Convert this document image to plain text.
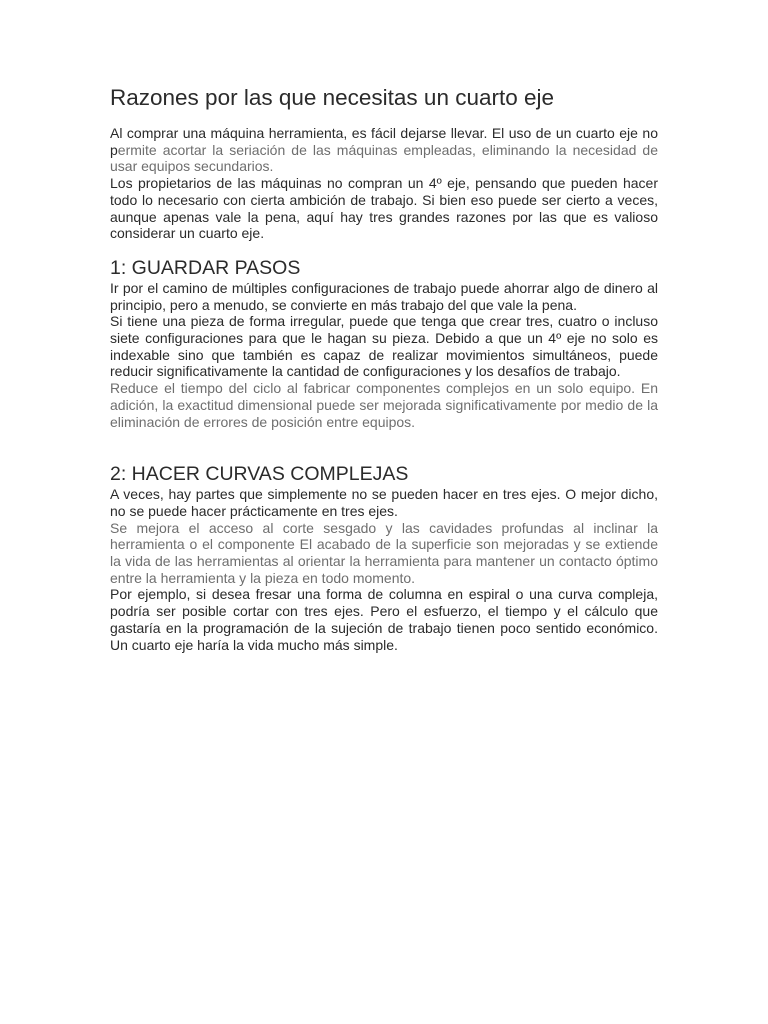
Razones por las que necesitas un cuarto eje

Al comprar una máquina herramienta, es fácil dejarse llevar. El uso de un cuarto eje no permite acortar la seriación de las máquinas empleadas, eliminando la necesidad de usar equipos secundarios.

Los propietarios de las máquinas no compran un 4º eje, pensando que pueden hacer todo lo necesario con cierta ambición de trabajo. Si bien eso puede ser cierto a veces, aunque apenas vale la pena, aquí hay tres grandes razones por las que es valioso considerar un cuarto eje.

1: GUARDAR PASOS

Ir por el camino de múltiples configuraciones de trabajo puede ahorrar algo de dinero al principio, pero a menudo, se convierte en más trabajo del que vale la pena.

Si tiene una pieza de forma irregular, puede que tenga que crear tres, cuatro o incluso siete configuraciones para que le hagan su pieza. Debido a que un 4º eje no solo es indexable sino que también es capaz de realizar movimientos simultáneos, puede reducir significativamente la cantidad de configuraciones y los desafíos de trabajo.

Reduce el tiempo del ciclo al fabricar componentes complejos en un solo equipo. En adición, la exactitud dimensional puede ser mejorada significativamente por medio de la eliminación de errores de posición entre equipos.

2: HACER CURVAS COMPLEJAS

A veces, hay partes que simplemente no se pueden hacer en tres ejes. O mejor dicho, no se puede hacer prácticamente en tres ejes.

Se mejora el acceso al corte sesgado y las cavidades profundas al inclinar la herramienta o el componente El acabado de la superficie son mejoradas y se extiende la vida de las herramientas al orientar la herramienta para mantener un contacto óptimo entre la herramienta y la pieza en todo momento.

Por ejemplo, si desea fresar una forma de columna en espiral o una curva compleja, podría ser posible cortar con tres ejes. Pero el esfuerzo, el tiempo y el cálculo que gastaría en la programación de la sujeción de trabajo tienen poco sentido económico. Un cuarto eje haría la vida mucho más simple.
